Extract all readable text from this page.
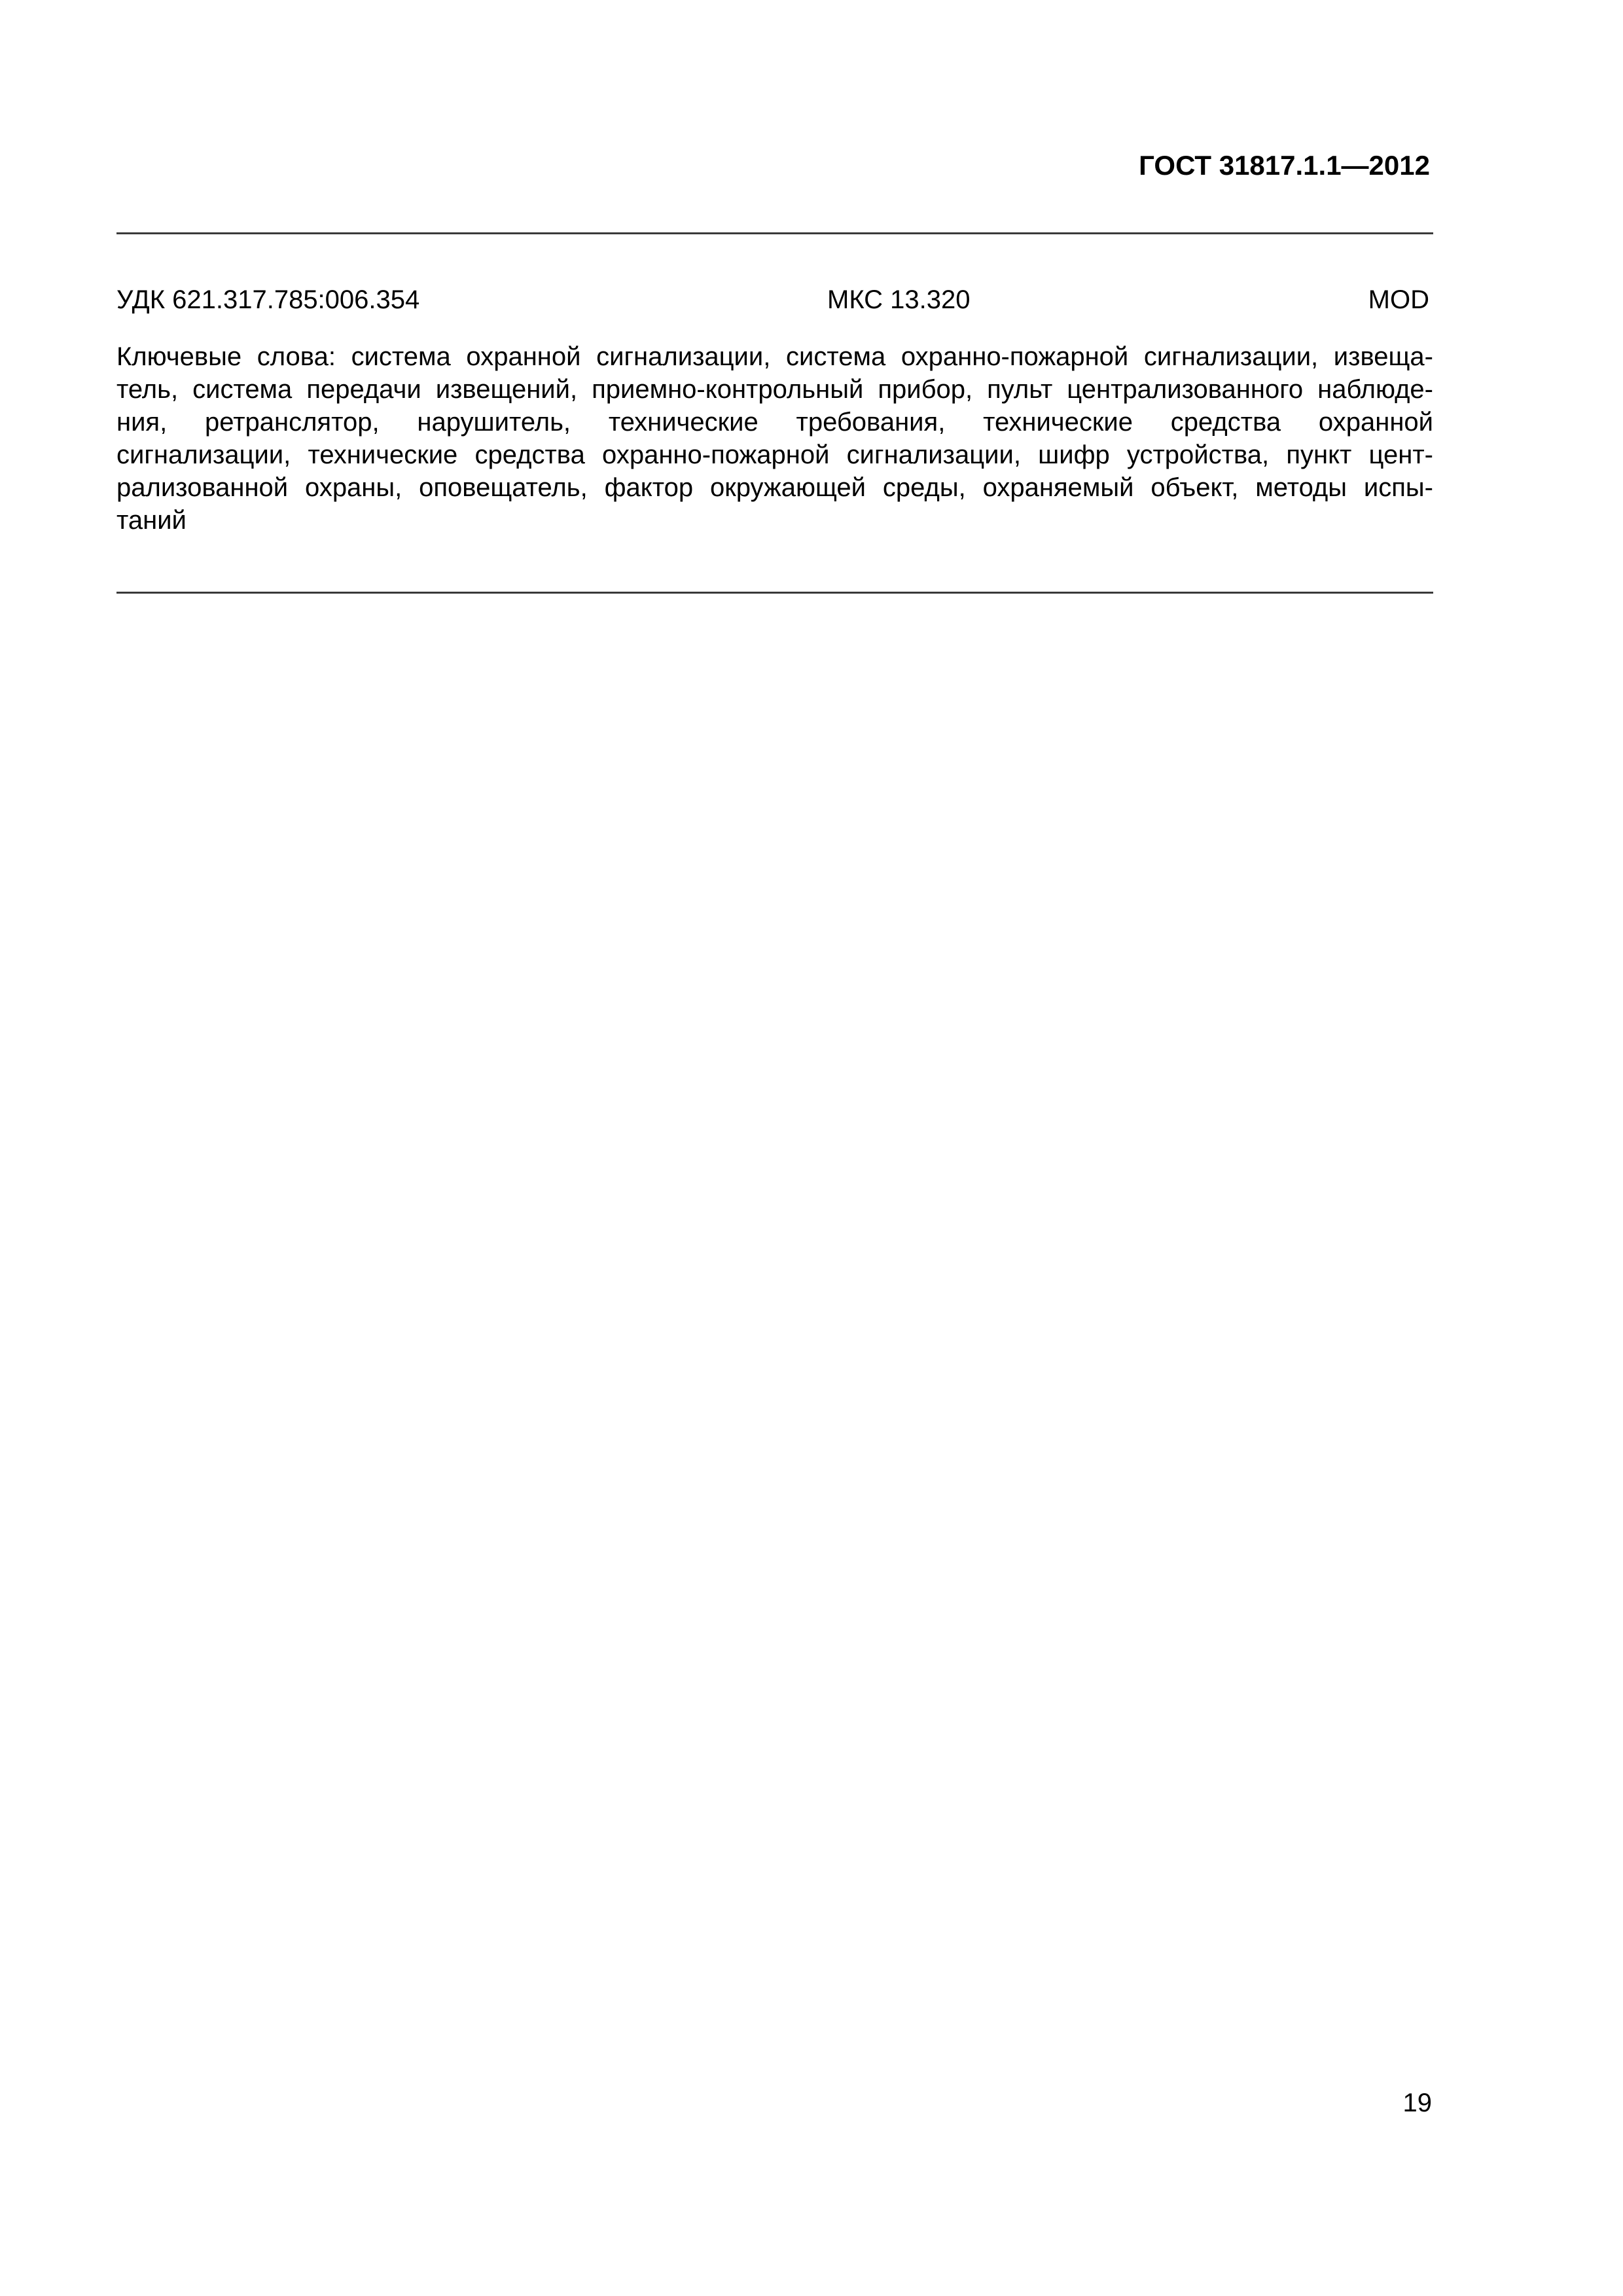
ГОСТ 31817.1.1—2012
УДК 621.317.785:006.354	МКС 13.320	MOD
Ключевые слова: система охранной сигнализации, система охранно-пожарной сигнализации, извеща-
тель, система передачи извещений, приемно-контрольный прибор, пульт централизованного наблюде-
ния, ретранслятор, нарушитель, технические требования, технические средства охранной
сигнализации, технические средства охранно-пожарной сигнализации, шифр устройства, пункт цент-
рализованной охраны, оповещатель, фактор окружающей среды, охраняемый объект, методы испы-
таний
19
